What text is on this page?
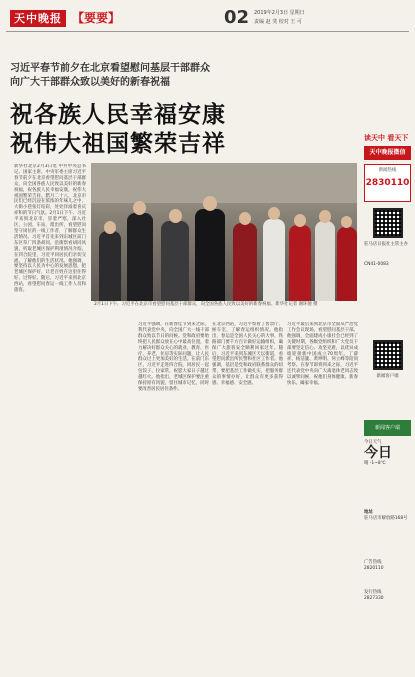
天中晚报 【要要】	02 2019年2月3日 星期日
责编 赵 斐 校对 王 可
习近平春节前夕在北京看望慰问基层干部群众
向广大干部群众致以美好的新春祝福
祝各族人民幸福安康
祝伟大祖国繁荣吉祥
新华社北京2月3日电 中共中央总书记、国家主席、中央军委主席习近平春节前夕在北京看望慰问基层干部群众，向全国各族人民致以美好的新春祝福，祝各族人民幸福安康，祝伟大祖国繁荣吉祥。腊月二十八，北京市民们已经沉浸在浓浓的年味儿之中，大街小巷张灯结彩，处处洋溢着喜庆祥和的节日气氛。2月1日下午，习近平来到北京市，冒着严寒，深入社区、公园、车站、派出所，看望慰问坚守岗位的一线工作者，了解群众生活情况。习近平首先来到东城区前门东区草厂四条胡同，沿街察看胡同风貌，听取老城区保护利用情况介绍。在四合院里，习近平同居民们亲切交流，了解他们的生活状况。他强调，要坚持以人民为中心的发展思想，把老城区保护好，让老百姓在这里住得好、过得好。随后，习近平来到北京西站，看望慰问春运一线工作人员和旅客。
2月1日下午，习近平在北京市看望慰问基层干部群众，向全国各族人民致以美好的新春祝福。新华社记者 谢环驰 摄
习近平强调，在新春佳节到来之际，我代表党中央，向全国广大一线干部群众致以节日的问候。党和政府要始终把人民群众放在心中最高位置，着力解决好群众关心的就业、教育、医疗、养老、住房等实际问题，让人民群众过上更加美好的生活。在前门东区，习近平走进四合院，同居民一起包饺子、拉家常，祝愿大家日子越过越红火。他指出，老城区保护要注重保持原有风貌，留住城市记忆，同时要改善居民居住条件。
在北京西站，习近平察看了售票厅、候车室，了解春运组织情况。他指出，春运是全国人民关心的大事，铁路部门要千方百计做好运输组织，确保广大旅客安全顺利回家过年。随后，习近平来到东城区天坛街道，看望慰问派出所民警和社区工作者。他强调，基层是党和政府联系群众的纽带，要把基层工作做扎实，把服务群众的事情办好，让群众有更多获得感、幸福感、安全感。
习近平最后来到北京市全面从严治党工作会议现场，看望慰问基层干部。他强调，全面建成小康社会已经到了关键时期，各级党组织和广大党员干部要坚定信心、攻坚克难，以优异成绩迎接新中国成立70周年。丁薛祥、杨洁篪、黄坤明、何立峰等陪同考察。在春节即将到来之际，习近平还代表党中央向广大离退休老同志致以诚挚问候，祝他们身体健康、新春快乐、阖家幸福。
读天中 看天下
天中晚报微信
新闻热线
2830110
驻马店日报社主管主办
CN41-0083
新闻客户端
新闻客户端
今日天气
今日
晴 -1~8℃
地址
驻马店市解放路168号
广告热线
2820110
发行热线
2827330
